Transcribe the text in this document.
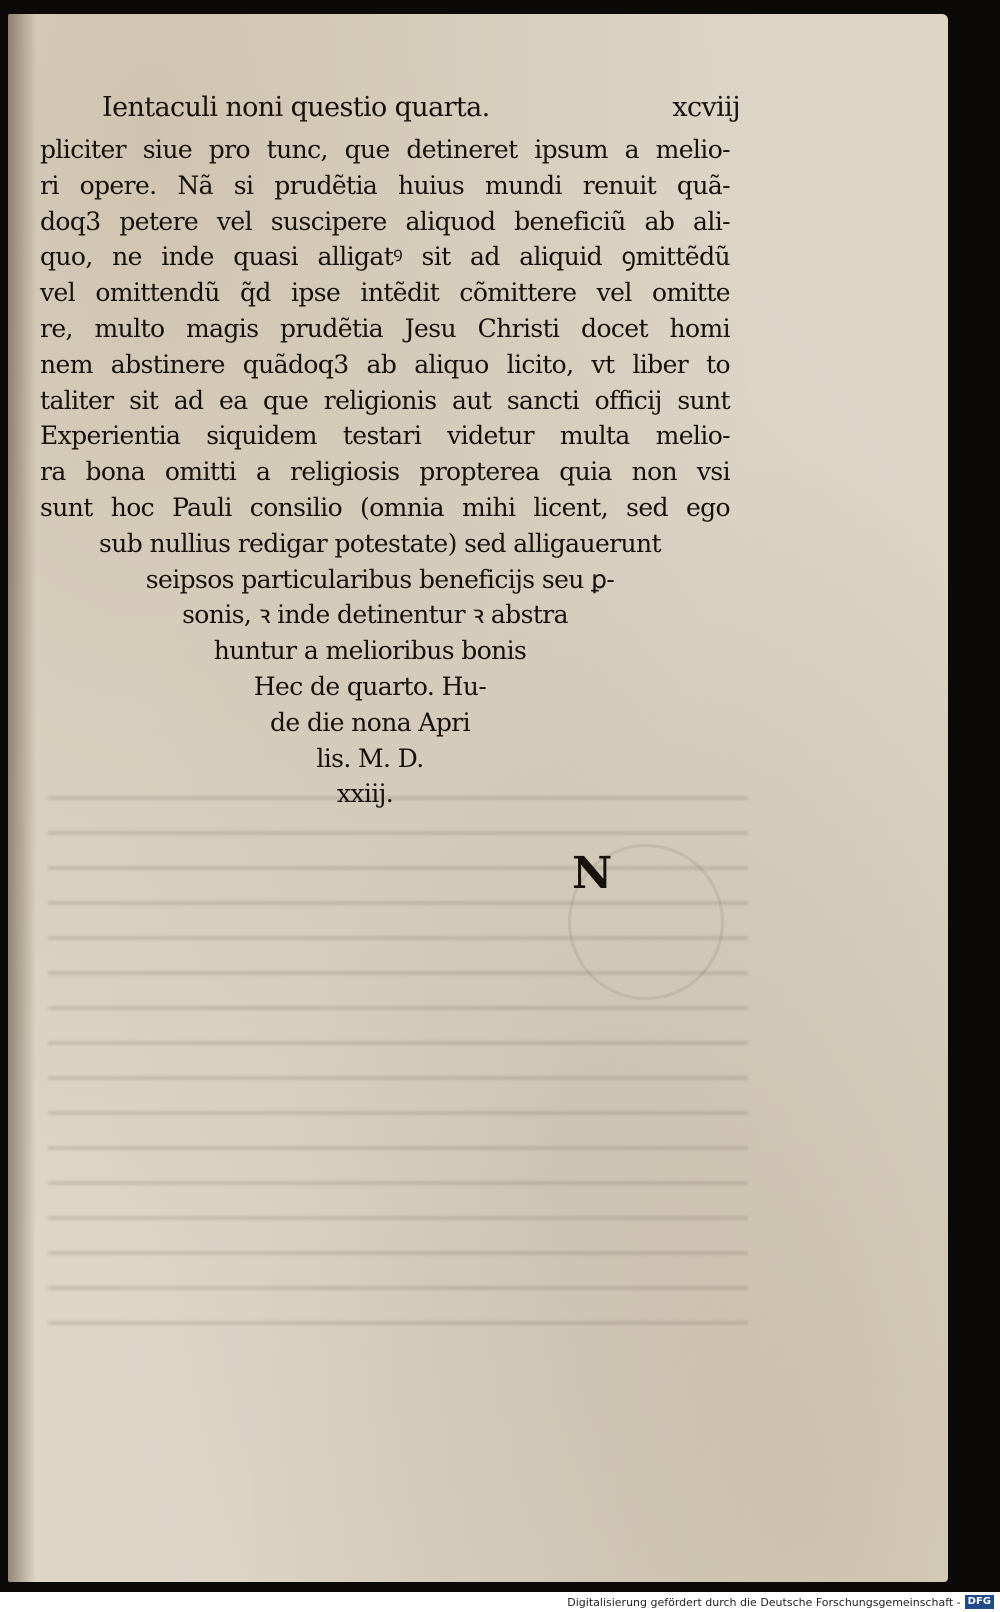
Ientaculi noni questio quarta.	xcviij
pliciter siue pro tunc, que detineret ipsum a melio-
ri opere. Nã si prudẽtia huius mundi renuit quã-
doq3 petere vel suscipere aliquod beneficiũ ab ali-
quo, ne inde quasi alligatꝰ sit ad aliquid ꝯmittẽdũ
vel omittendũ q̃d ipse intẽdit cõmittere vel omitte
re, multo magis prudẽtia Jesu Christi docet homi
nem abstinere quãdoq3 ab aliquo licito, vt liber to
taliter sit ad ea que religionis aut sancti officij sunt
Experientia siquidem testari videtur multa melio-
ra bona omitti a religiosis propterea quia non vsi
sunt hoc Pauli consilio (omnia mihi licent, sed ego
sub nullius redigar potestate) sed alligauerunt
seipsos particularibus beneficijs seu ꝑ-
sonis, ꝛ inde detinentur ꝛ abstra
huntur a melioribus bonis
Hec de quarto. Hu-
de die nona Apri
lis. M. D.
xxiij.
N
Digitalisierung gefördert durch die Deutsche Forschungsgemeinschaft - DFG
